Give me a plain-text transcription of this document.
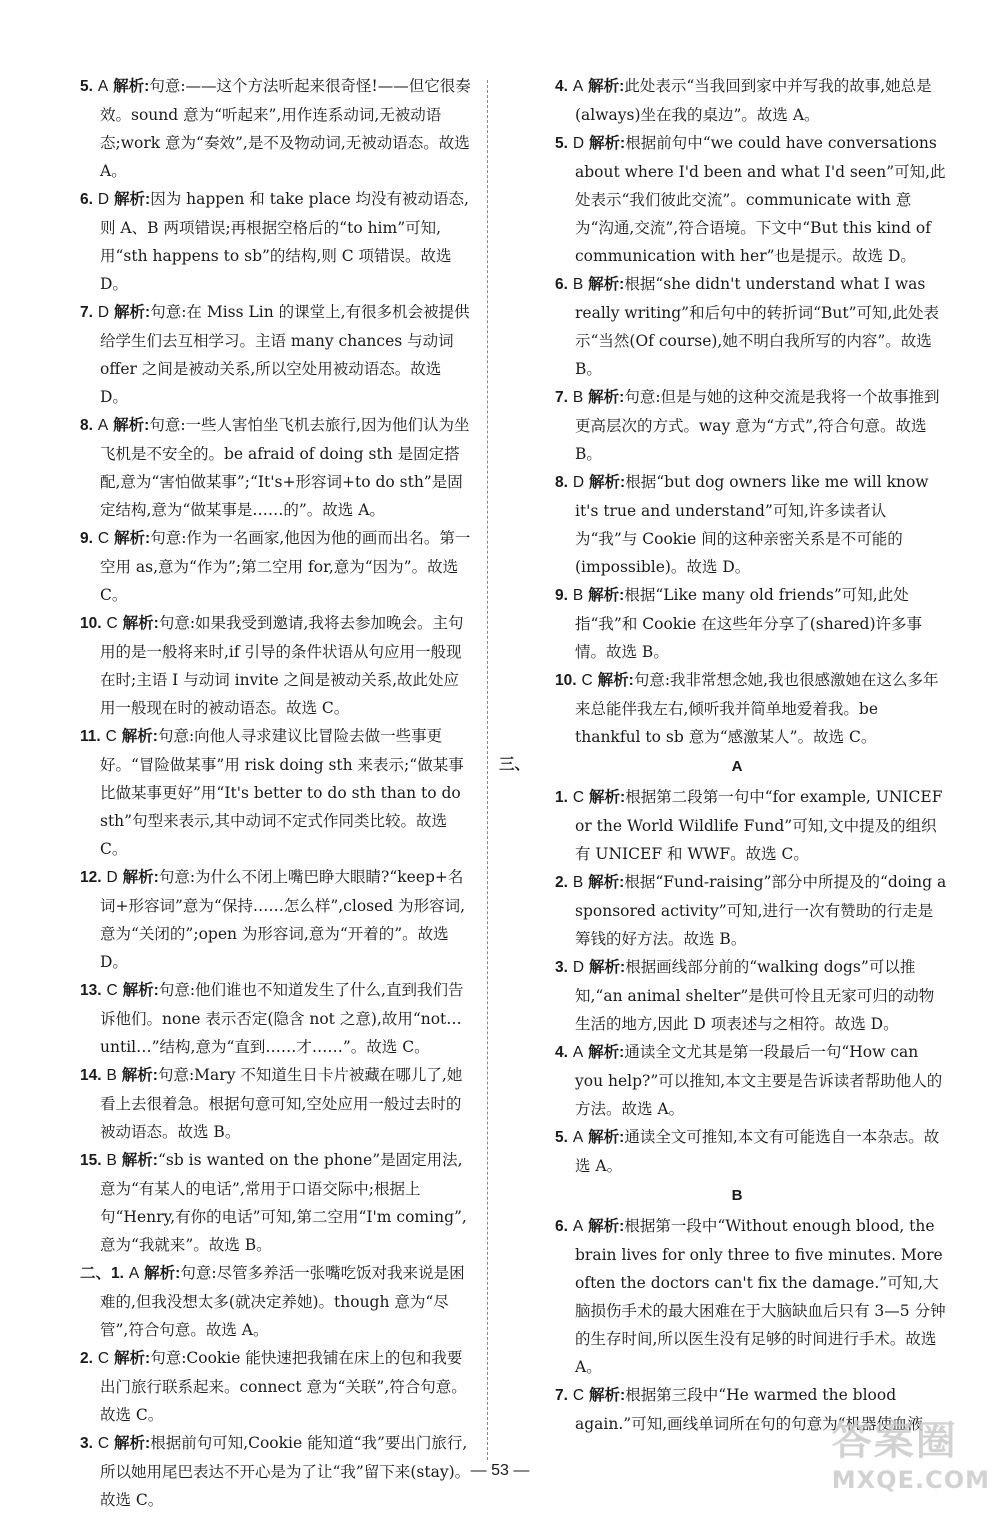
5. A 解析:句意:——这个方法听起来很奇怪!——但它很奏效。sound 意为“听起来”,用作连系动词,无被动语态;work 意为“奏效”,是不及物动词,无被动语态。故选 A。
6. D 解析:因为 happen 和 take place 均没有被动语态,则 A、B 两项错误;再根据空格后的“to him”可知,用“sth happens to sb”的结构,则 C 项错误。故选 D。
7. D 解析:句意:在 Miss Lin 的课堂上,有很多机会被提供给学生们去互相学习。主语 many chances 与动词 offer 之间是被动关系,所以空处用被动语态。故选 D。
8. A 解析:句意:一些人害怕坐飞机去旅行,因为他们认为坐飞机是不安全的。be afraid of doing sth 是固定搭配,意为“害怕做某事”;“It's+形容词+to do sth”是固定结构,意为“做某事是……的”。故选 A。
9. C 解析:句意:作为一名画家,他因为他的画而出名。第一空用 as,意为“作为”;第二空用 for,意为“因为”。故选 C。
10. C 解析:句意:如果我受到邀请,我将去参加晚会。主句用的是一般将来时,if 引导的条件状语从句应用一般现在时;主语 I 与动词 invite 之间是被动关系,故此处应用一般现在时的被动语态。故选 C。
11. C 解析:句意:向他人寻求建议比冒险去做一些事更好。“冒险做某事”用 risk doing sth 来表示;“做某事比做某事更好”用“It's better to do sth than to do sth”句型来表示,其中动词不定式作同类比较。故选 C。
12. D 解析:句意:为什么不闭上嘴巴睁大眼睛?“keep+名词+形容词”意为“保持……怎么样”,closed 为形容词,意为“关闭的”;open 为形容词,意为“开着的”。故选 D。
13. C 解析:句意:他们谁也不知道发生了什么,直到我们告诉他们。none 表示否定(隐含 not 之意),故用“not… until…”结构,意为“直到……才……”。故选 C。
14. B 解析:句意:Mary 不知道生日卡片被藏在哪儿了,她看上去很着急。根据句意可知,空处应用一般过去时的被动语态。故选 B。
15. B 解析:“sb is wanted on the phone”是固定用法,意为“有某人的电话”,常用于口语交际中;根据上句“Henry,有你的电话”可知,第二空用“I'm coming”,意为“我就来”。故选 B。
二、1. A 解析:句意:尽管多养活一张嘴吃饭对我来说是困难的,但我没想太多(就决定养她)。though 意为“尽管”,符合句意。故选 A。
2. C 解析:句意:Cookie 能快速把我铺在床上的包和我要出门旅行联系起来。connect 意为“关联”,符合句意。故选 C。
3. C 解析:根据前句可知,Cookie 能知道“我”要出门旅行,所以她用尾巴表达不开心是为了让“我”留下来(stay)。故选 C。
4. A 解析:此处表示“当我回到家中并写我的故事,她总是(always)坐在我的桌边”。故选 A。
5. D 解析:根据前句中“we could have conversations about where I'd been and what I'd seen”可知,此处表示“我们彼此交流”。communicate with 意为“沟通,交流”,符合语境。下文中“But this kind of communication with her”也是提示。故选 D。
6. B 解析:根据“she didn't understand what I was really writing”和后句中的转折词“But”可知,此处表示“当然(Of course),她不明白我所写的内容”。故选 B。
7. B 解析:句意:但是与她的这种交流是我将一个故事推到更高层次的方式。way 意为“方式”,符合句意。故选 B。
8. D 解析:根据“but dog owners like me will know it's true and understand”可知,许多读者认为“我”与 Cookie 间的这种亲密关系是不可能的(impossible)。故选 D。
9. B 解析:根据“Like many old friends”可知,此处指“我”和 Cookie 在这些年分享了(shared)许多事情。故选 B。
10. C 解析:句意:我非常想念她,我也很感激她在这么多年来总能伴我左右,倾听我并简单地爱着我。be thankful to sb 意为“感激某人”。故选 C。
三、	A
1. C 解析:根据第二段第一句中“for example, UNICEF or the World Wildlife Fund”可知,文中提及的组织有 UNICEF 和 WWF。故选 C。
2. B 解析:根据“Fund-raising”部分中所提及的“doing a sponsored activity”可知,进行一次有赞助的行走是筹钱的好方法。故选 B。
3. D 解析:根据画线部分前的“walking dogs”可以推知,“an animal shelter”是供可怜且无家可归的动物生活的地方,因此 D 项表述与之相符。故选 D。
4. A 解析:通读全文尤其是第一段最后一句“How can you help?”可以推知,本文主要是告诉读者帮助他人的方法。故选 A。
5. A 解析:通读全文可推知,本文有可能选自一本杂志。故选 A。
B
6. A 解析:根据第一段中“Without enough blood, the brain lives for only three to five minutes. More often the doctors can't fix the damage.”可知,大脑损伤手术的最大困难在于大脑缺血后只有 3—5 分钟的生存时间,所以医生没有足够的时间进行手术。故选 A。
7. C 解析:根据第三段中“He warmed the blood again.”可知,画线单词所在句的句意为“机器使血液
— 53 —
答案圈
MXQE.COM
